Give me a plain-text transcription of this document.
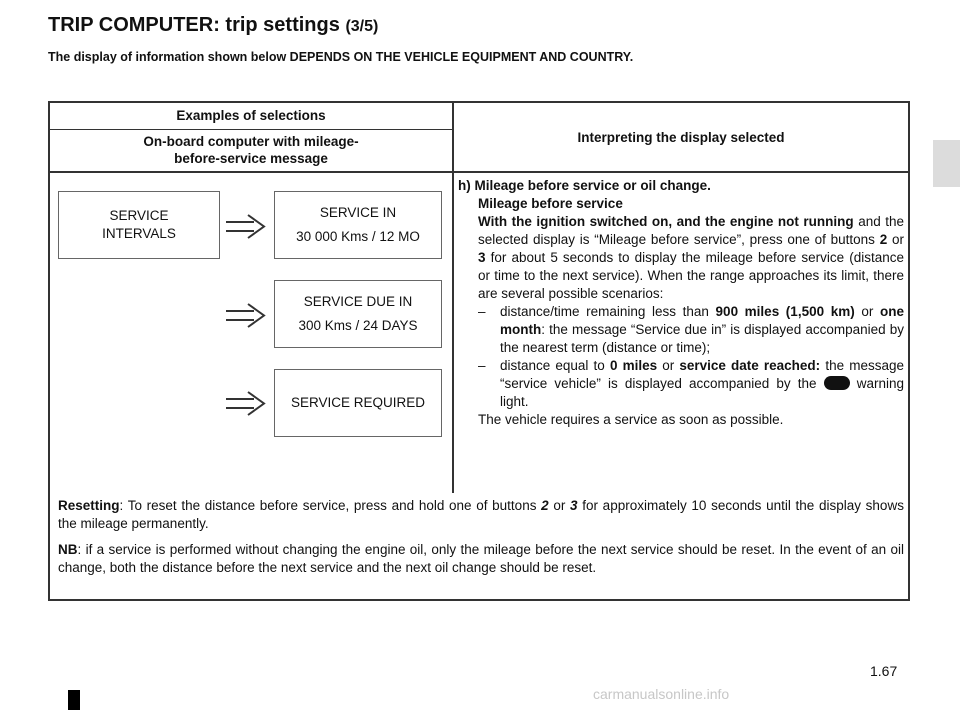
TRIP COMPUTER: trip settings (3/5)
The display of information shown below DEPENDS ON THE VEHICLE EQUIPMENT AND COUNTRY.
Examples of selections
On-board computer with mileage-
before-service message
Interpreting the display selected
SERVICE
INTERVALS
SERVICE IN
30 000 Kms / 12 MO
SERVICE DUE IN
300 Kms / 24 DAYS
SERVICE REQUIRED
h) Mileage before service or oil change.
Mileage before service

With the ignition switched on, and the engine not running and the selected display is “Mileage before service”, press one of buttons 2 or 3 for about 5 seconds to display the mileage before service (distance or time to the next service). When the range approaches its limit, there are several possible scenarios:

–	distance/time remaining less than 900 miles (1,500 km) or one month: the message “Service due in” is displayed accompanied by the nearest term (distance or time);
–	distance equal to 0 miles or service date reached: the message “service vehicle” is displayed accompanied by the	warning light.

The vehicle requires a service as soon as possible.

Resetting: To reset the distance before service, press and hold one of buttons 2 or 3 for approximately 10 seconds until the display shows the mileage permanently.

NB: if a service is performed without changing the engine oil, only the mileage before the next service should be reset. In the event of an oil change, both the distance before the next service and the next oil change should be reset.

1.67
carmanualsonline.info
